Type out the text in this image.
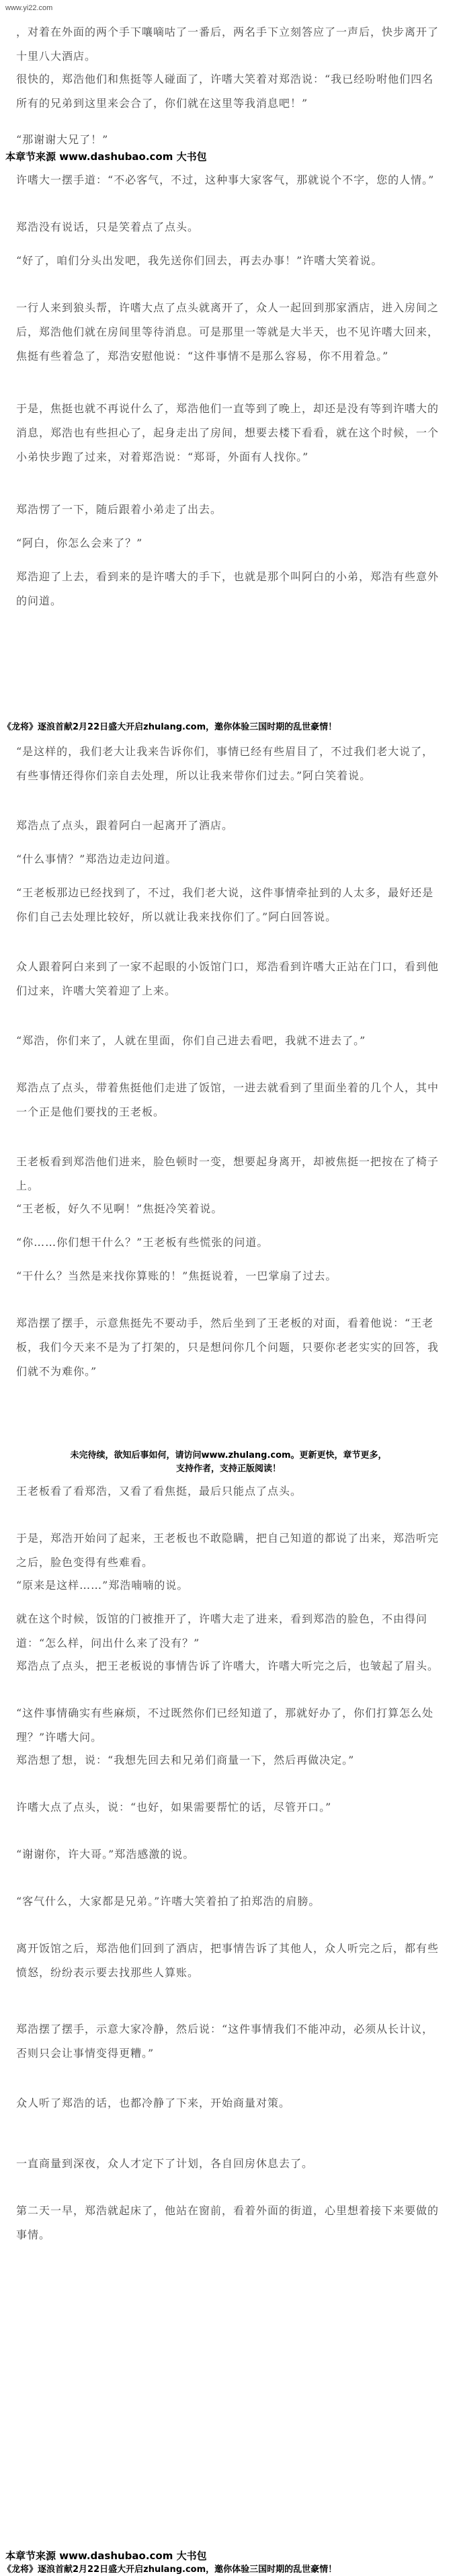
www.yi22.com
，对着在外面的两个手下嚷嘀咕了一番后，两名手下立刻答应了一声后，快步离开了十里八大酒店。
很快的，郑浩他们和焦挺等人碰面了，许嗜大笑着对郑浩说：“我已经吩咐他们四名所有的兄弟到这里来会合了，你们就在这里等我消息吧！”
“那谢谢大兄了！”
本章节来源 www.dashubao.com 大书包
许嗜大一摆手道：“不必客气，不过，这种事大家客气，那就说个不字，您的人情。”
郑浩没有说话，只是笑着点了点头。
“好了，咱们分头出发吧，我先送你们回去，再去办事！”许嗜大笑着说。
一行人来到狼头帮，许嗜大点了点头就离开了，众人一起回到那家酒店，进入房间之后，郑浩他们就在房间里等待消息。可是那里一等就是大半天，也不见许嗜大回来，焦挺有些着急了，郑浩安慰他说：“这件事情不是那么容易，你不用着急。”
于是，焦挺也就不再说什么了，郑浩他们一直等到了晚上，却还是没有等到许嗜大的消息，郑浩也有些担心了，起身走出了房间，想要去楼下看看，就在这个时候，一个小弟快步跑了过来，对着郑浩说：“郑哥，外面有人找你。”
郑浩愣了一下，随后跟着小弟走了出去。
“阿白，你怎么会来了？”
郑浩迎了上去，看到来的是许嗜大的手下，也就是那个叫阿白的小弟，郑浩有些意外的问道。
《龙将》逐浪首献2月22日盛大开启zhulang.com，邀你体验三国时期的乱世豪情！
“是这样的，我们老大让我来告诉你们，事情已经有些眉目了，不过我们老大说了，有些事情还得你们亲自去处理，所以让我来带你们过去。”阿白笑着说。
郑浩点了点头，跟着阿白一起离开了酒店。
“什么事情？”郑浩边走边问道。
“王老板那边已经找到了，不过，我们老大说，这件事情牵扯到的人太多，最好还是你们自己去处理比较好，所以就让我来找你们了。”阿白回答说。
众人跟着阿白来到了一家不起眼的小饭馆门口，郑浩看到许嗜大正站在门口，看到他们过来，许嗜大笑着迎了上来。
“郑浩，你们来了，人就在里面，你们自己进去看吧，我就不进去了。”
郑浩点了点头，带着焦挺他们走进了饭馆，一进去就看到了里面坐着的几个人，其中一个正是他们要找的王老板。
王老板看到郑浩他们进来，脸色顿时一变，想要起身离开，却被焦挺一把按在了椅子上。
“王老板，好久不见啊！”焦挺冷笑着说。
“你……你们想干什么？”王老板有些慌张的问道。
“干什么？当然是来找你算账的！”焦挺说着，一巴掌扇了过去。
郑浩摆了摆手，示意焦挺先不要动手，然后坐到了王老板的对面，看着他说：“王老板，我们今天来不是为了打架的，只是想问你几个问题，只要你老老实实的回答，我们就不为难你。”
未完待续，欲知后事如何，请访问www.zhulang.com。更新更快，章节更多，
支持作者，支持正版阅读！
王老板看了看郑浩，又看了看焦挺，最后只能点了点头。
于是，郑浩开始问了起来，王老板也不敢隐瞒，把自己知道的都说了出来，郑浩听完之后，脸色变得有些难看。
“原来是这样……”郑浩喃喃的说。
就在这个时候，饭馆的门被推开了，许嗜大走了进来，看到郑浩的脸色，不由得问道：“怎么样，问出什么来了没有？”
郑浩点了点头，把王老板说的事情告诉了许嗜大，许嗜大听完之后，也皱起了眉头。
“这件事情确实有些麻烦，不过既然你们已经知道了，那就好办了，你们打算怎么处理？”许嗜大问。
郑浩想了想，说：“我想先回去和兄弟们商量一下，然后再做决定。”
许嗜大点了点头，说：“也好，如果需要帮忙的话，尽管开口。”
“谢谢你，许大哥。”郑浩感激的说。
“客气什么，大家都是兄弟。”许嗜大笑着拍了拍郑浩的肩膀。
离开饭馆之后，郑浩他们回到了酒店，把事情告诉了其他人，众人听完之后，都有些愤怒，纷纷表示要去找那些人算账。
郑浩摆了摆手，示意大家冷静，然后说：“这件事情我们不能冲动，必须从长计议，否则只会让事情变得更糟。”
众人听了郑浩的话，也都冷静了下来，开始商量对策。
一直商量到深夜，众人才定下了计划，各自回房休息去了。
第二天一早，郑浩就起床了，他站在窗前，看着外面的街道，心里想着接下来要做的事情。
本章节来源 www.dashubao.com 大书包
《龙将》逐浪首献2月22日盛大开启zhulang.com，邀你体验三国时期的乱世豪情！
